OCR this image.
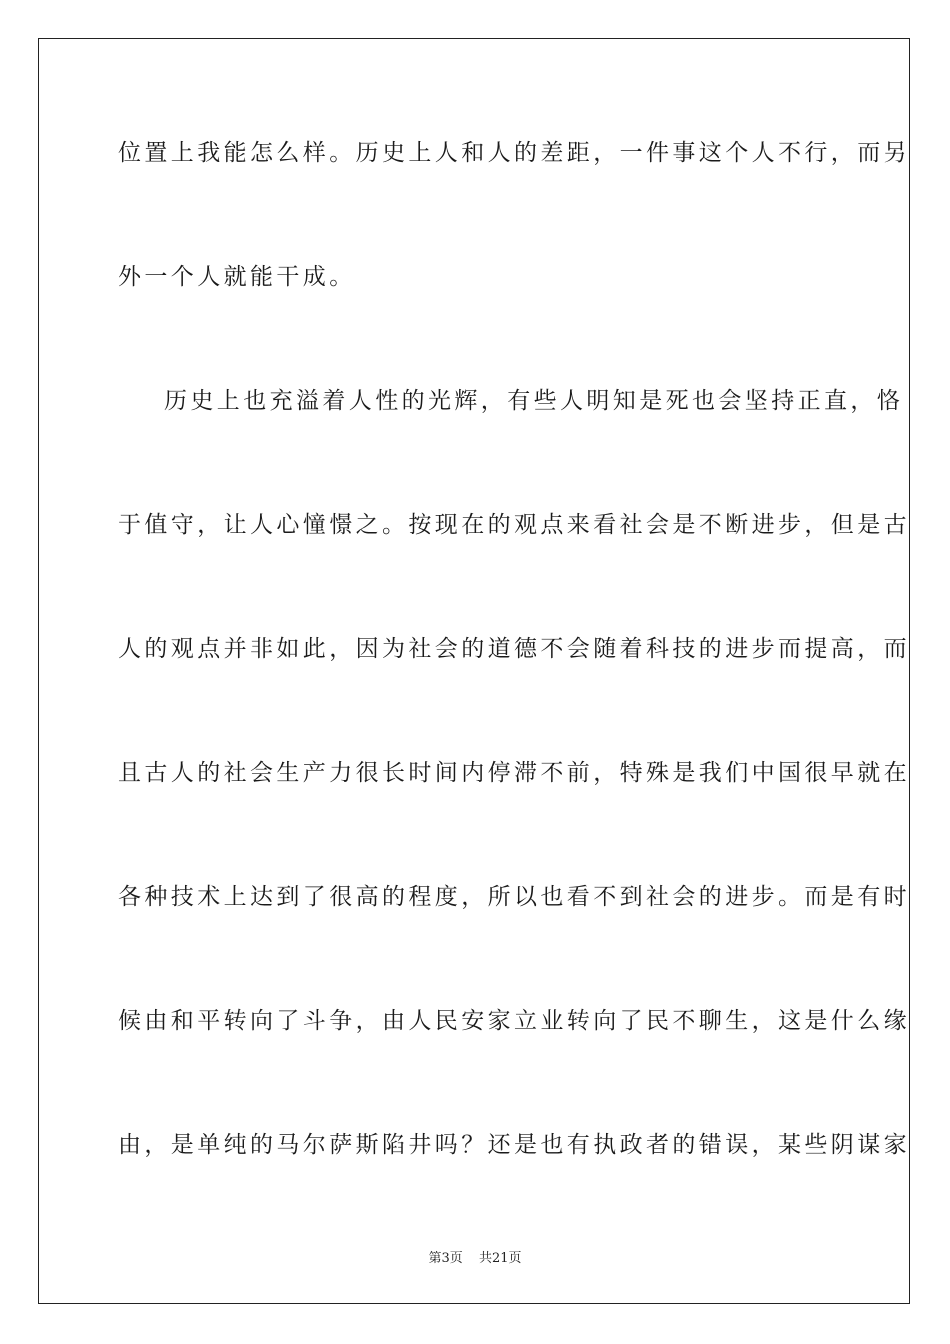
位置上我能怎么样。历史上人和人的差距，一件事这个人不行，而另
外一个人就能干成。
历史上也充溢着人性的光辉，有些人明知是死也会坚持正直，恪
于值守，让人心憧憬之。按现在的观点来看社会是不断进步，但是古
人的观点并非如此，因为社会的道德不会随着科技的进步而提高，而
且古人的社会生产力很长时间内停滞不前，特殊是我们中国很早就在
各种技术上达到了很高的程度，所以也看不到社会的进步。而是有时
候由和平转向了斗争，由人民安家立业转向了民不聊生，这是什么缘
由，是单纯的马尔萨斯陷井吗？还是也有执政者的错误，某些阴谋家
第3页 共21页
